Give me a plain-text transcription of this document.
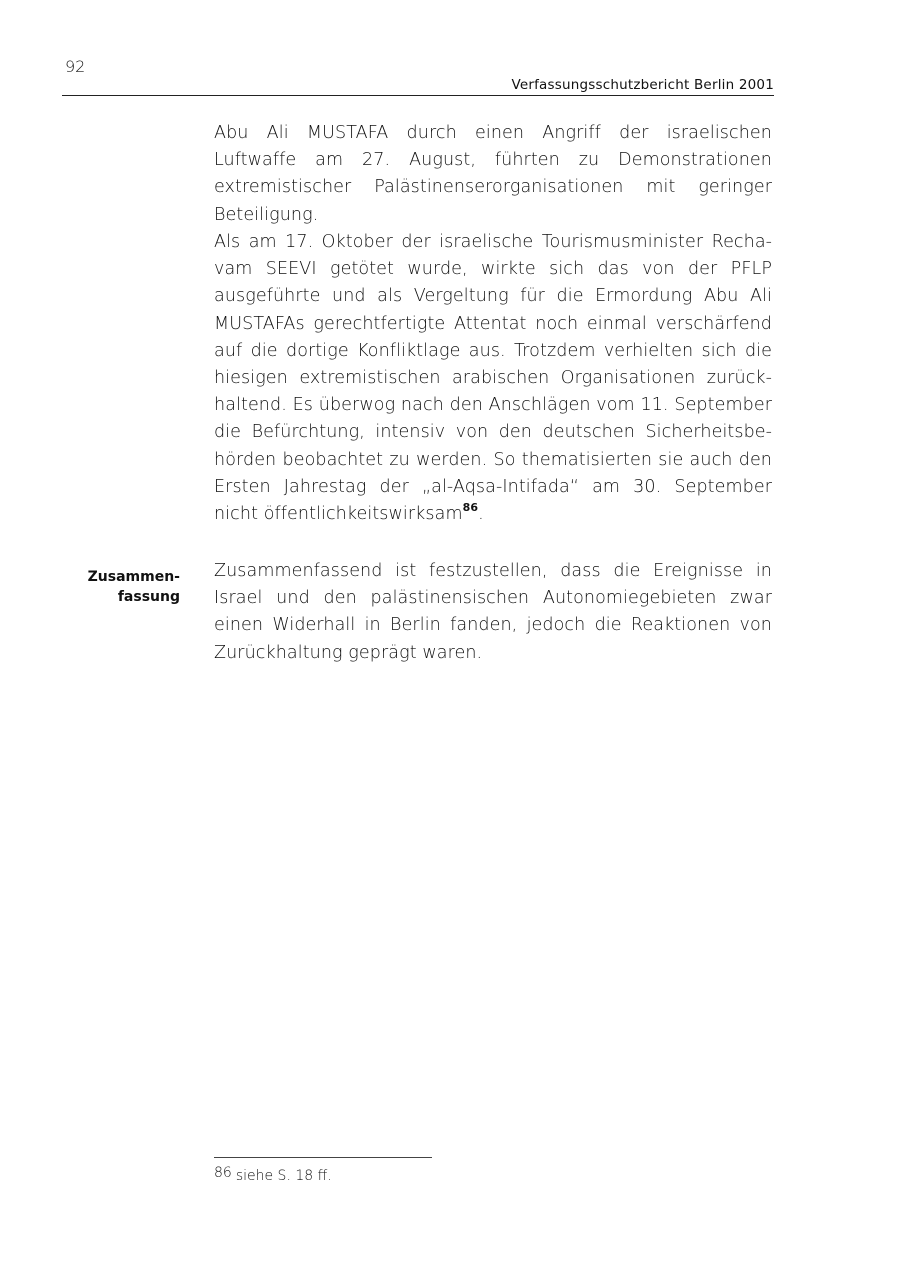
92
Verfassungsschutzbericht Berlin 2001
Abu Ali MUSTAFA durch einen Angriff der israelischen Luftwaffe am 27. August, führten zu Demonstrationen extremistischer Palästinenserorganisationen mit geringer Beteiligung.
Als am 17. Oktober der israelische Tourismusminister Rechavam SEEVI getötet wurde, wirkte sich das von der PFLP ausgeführte und als Vergeltung für die Ermordung Abu Ali MUSTAFAs gerechtfertigte Attentat noch einmal verschärfend auf die dortige Konfliktlage aus. Trotzdem verhielten sich die hiesigen extremistischen arabischen Organisationen zurückhaltend. Es überwog nach den Anschlägen vom 11. September die Befürchtung, intensiv von den deutschen Sicherheitsbehörden beobachtet zu werden. So thematisierten sie auch den Ersten Jahrestag der „al-Aqsa-Intifada“ am 30. September nicht öffentlichkeitswirksam$^{86}$.
Zusammen-
fassung
Zusammenfassend ist festzustellen, dass die Ereignisse in Israel und den palästinensischen Autonomiegebieten zwar einen Widerhall in Berlin fanden, jedoch die Reaktionen von Zurückhaltung geprägt waren.
86 siehe S. 18 ff.
